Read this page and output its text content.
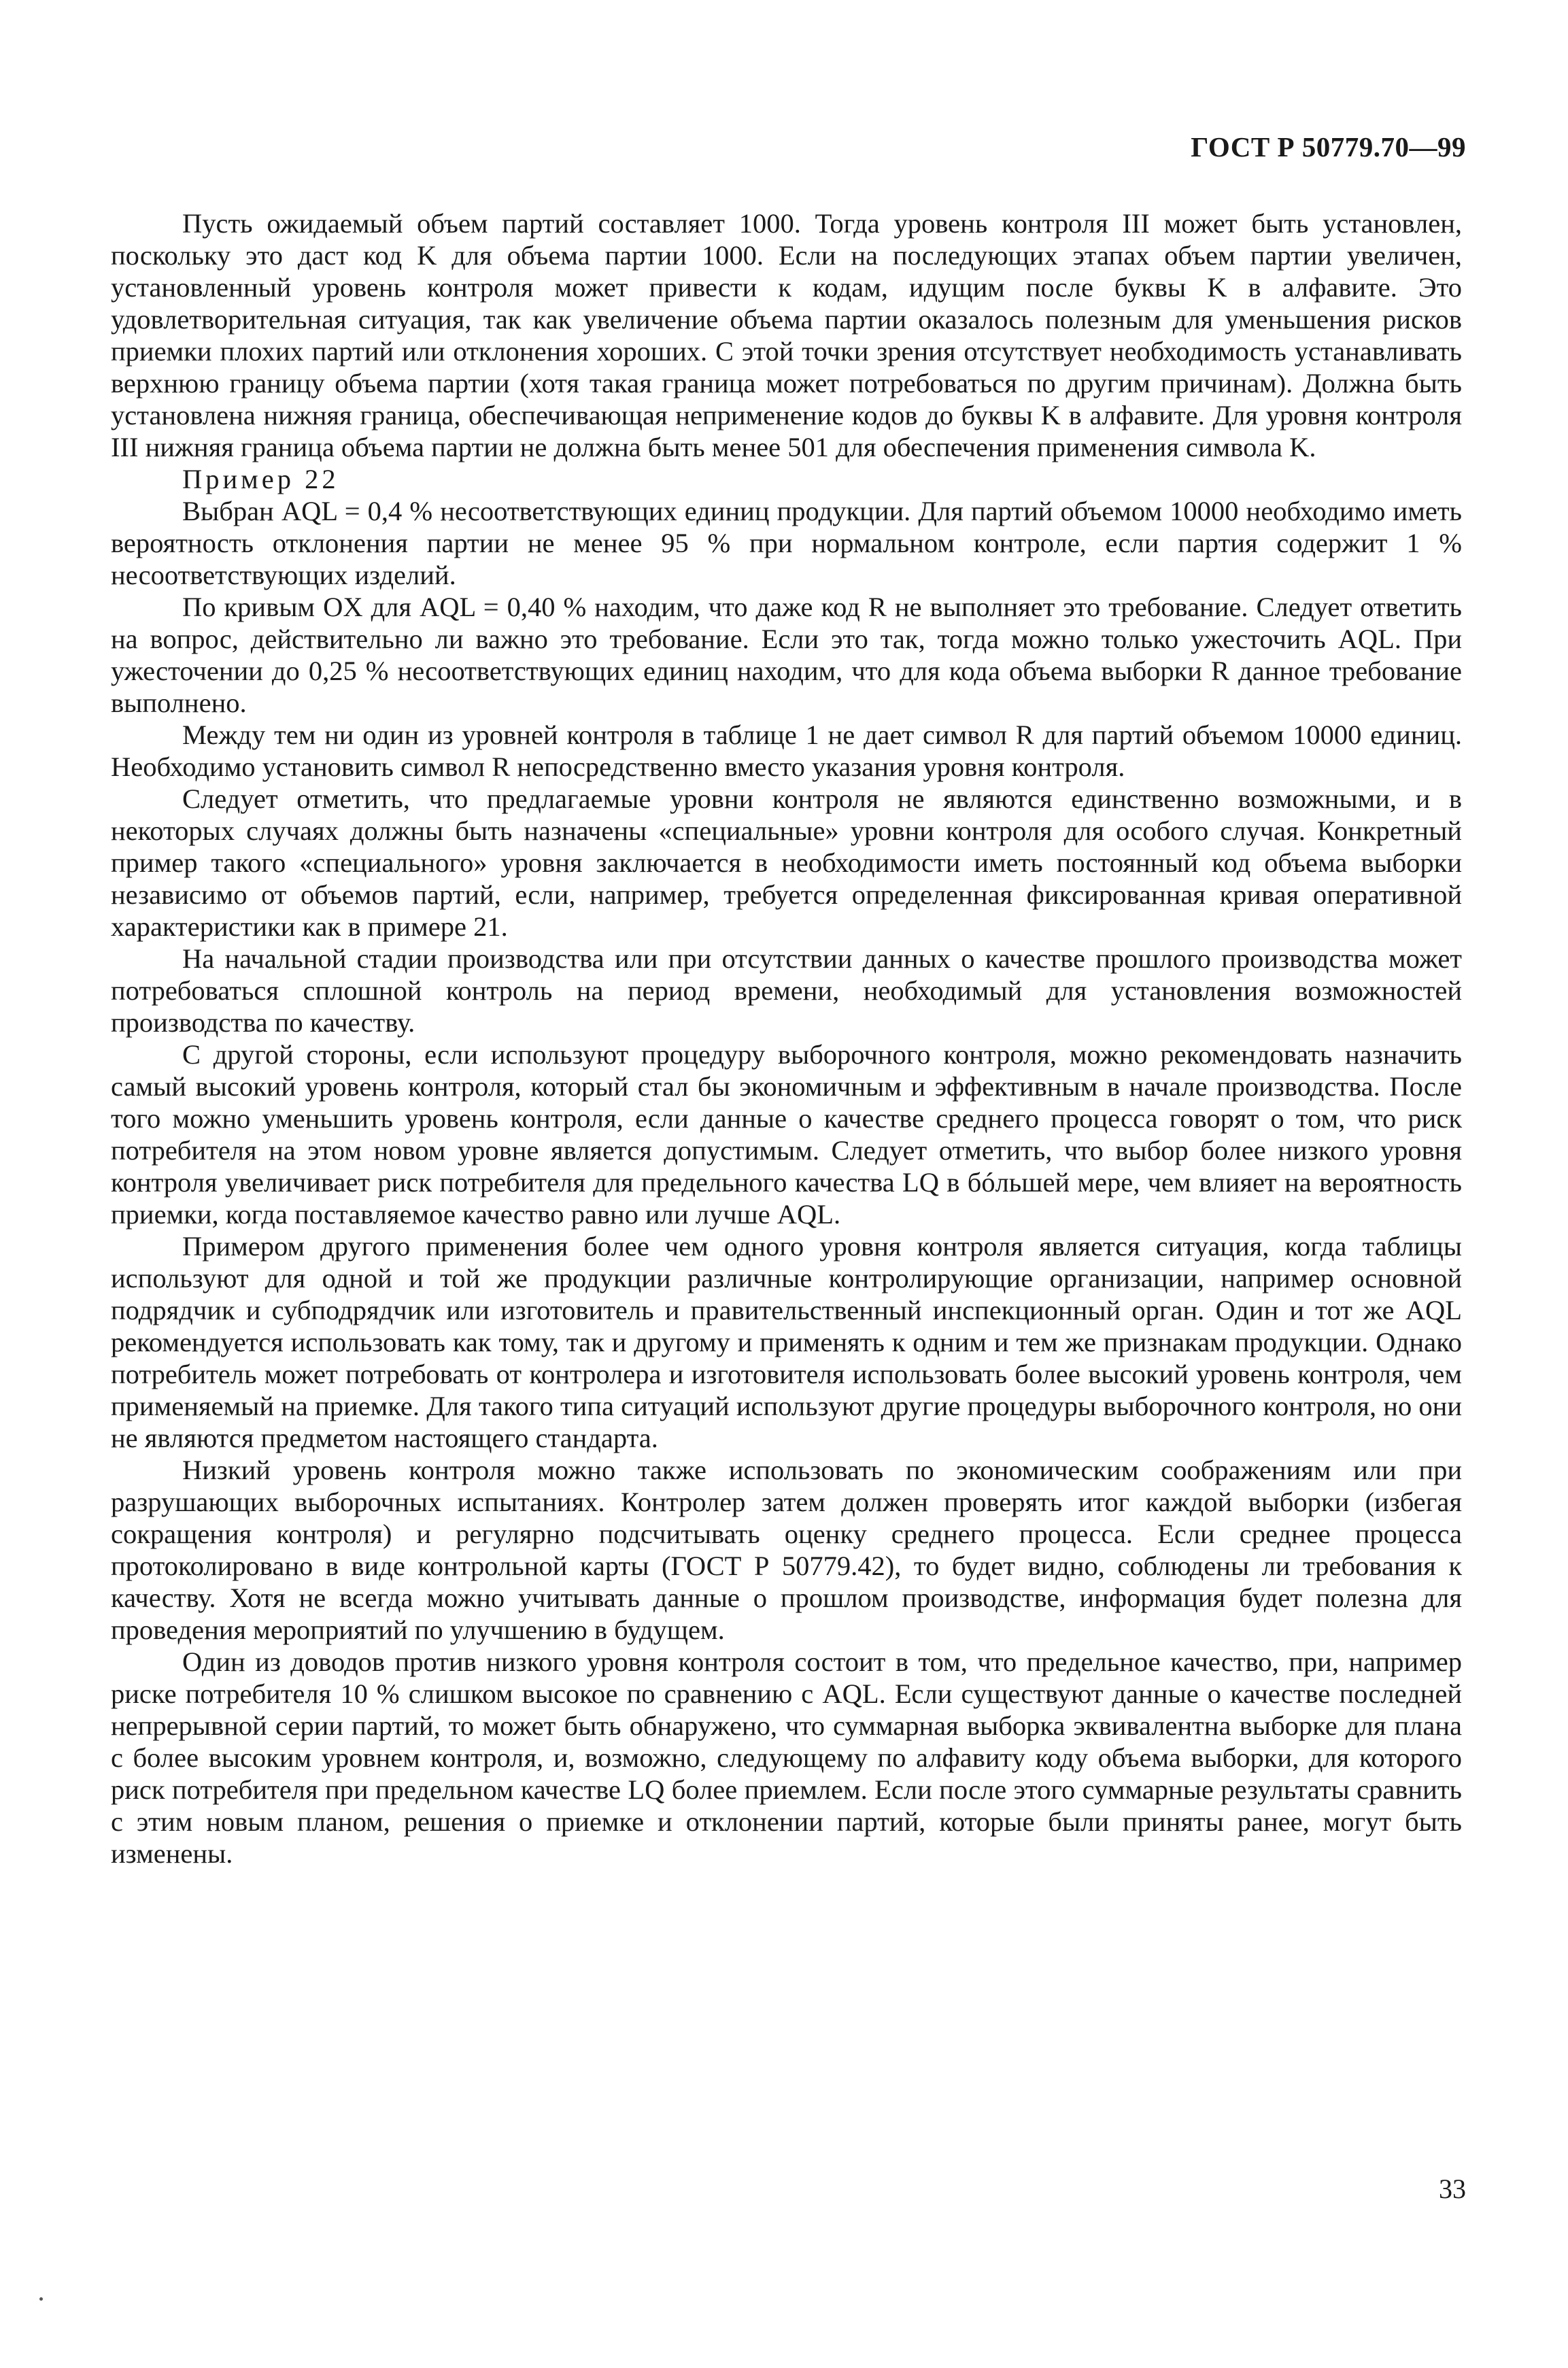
ГОСТ Р 50779.70—99

Пусть ожидаемый объем партий составляет 1000. Тогда уровень контроля III может быть установлен, поскольку это даст код K для объема партии 1000. Если на последующих этапах объем партии увеличен, установленный уровень контроля может привести к кодам, идущим после буквы K в алфавите. Это удовлетворительная ситуация, так как увеличение объема партии оказалось полезным для уменьшения рисков приемки плохих партий или отклонения хороших. С этой точки зрения отсутствует необходимость устанавливать верхнюю границу объема партии (хотя такая граница может потребоваться по другим причинам). Должна быть установлена нижняя граница, обеспечивающая неприменение кодов до буквы K в алфавите. Для уровня контроля III нижняя граница объема партии не должна быть менее 501 для обеспечения применения символа K.

Пример 22

Выбран AQL = 0,4 % несоответствующих единиц продукции. Для партий объемом 10000 необходимо иметь вероятность отклонения партии не менее 95 % при нормальном контроле, если партия содержит 1 % несоответствующих изделий.

По кривым OX для AQL = 0,40 % находим, что даже код R не выполняет это требование. Следует ответить на вопрос, действительно ли важно это требование. Если это так, тогда можно только ужесточить AQL. При ужесточении до 0,25 % несоответствующих единиц находим, что для кода объема выборки R данное требование выполнено.

Между тем ни один из уровней контроля в таблице 1 не дает символ R для партий объемом 10000 единиц. Необходимо установить символ R непосредственно вместо указания уровня контроля.

Следует отметить, что предлагаемые уровни контроля не являются единственно возможными, и в некоторых случаях должны быть назначены «специальные» уровни контроля для особого случая. Конкретный пример такого «специального» уровня заключается в необходимости иметь постоянный код объема выборки независимо от объемов партий, если, например, требуется определенная фиксированная кривая оперативной характеристики как в примере 21.

На начальной стадии производства или при отсутствии данных о качестве прошлого производства может потребоваться сплошной контроль на период времени, необходимый для установления возможностей производства по качеству.

С другой стороны, если используют процедуру выборочного контроля, можно рекомендовать назначить самый высокий уровень контроля, который стал бы экономичным и эффективным в начале производства. После того можно уменьшить уровень контроля, если данные о качестве среднего процесса говорят о том, что риск потребителя на этом новом уровне является допустимым. Следует отметить, что выбор более низкого уровня контроля увеличивает риск потребителя для предельного качества LQ в бóльшей мере, чем влияет на вероятность приемки, когда поставляемое качество равно или лучше AQL.

Примером другого применения более чем одного уровня контроля является ситуация, когда таблицы используют для одной и той же продукции различные контролирующие организации, например основной подрядчик и субподрядчик или изготовитель и правительственный инспекционный орган. Один и тот же AQL рекомендуется использовать как тому, так и другому и применять к одним и тем же признакам продукции. Однако потребитель может потребовать от контролера и изготовителя использовать более высокий уровень контроля, чем применяемый на приемке. Для такого типа ситуаций используют другие процедуры выборочного контроля, но они не являются предметом настоящего стандарта.

Низкий уровень контроля можно также использовать по экономическим соображениям или при разрушающих выборочных испытаниях. Контролер затем должен проверять итог каждой выборки (избегая сокращения контроля) и регулярно подсчитывать оценку среднего процесса. Если среднее процесса протоколировано в виде контрольной карты (ГОСТ Р 50779.42), то будет видно, соблюдены ли требования к качеству. Хотя не всегда можно учитывать данные о прошлом производстве, информация будет полезна для проведения мероприятий по улучшению в будущем.

Один из доводов против низкого уровня контроля состоит в том, что предельное качество, при, например риске потребителя 10 % слишком высокое по сравнению с AQL. Если существуют данные о качестве последней непрерывной серии партий, то может быть обнаружено, что суммарная выборка эквивалентна выборке для плана с более высоким уровнем контроля, и, возможно, следующему по алфавиту коду объема выборки, для которого риск потребителя при предельном качестве LQ более приемлем. Если после этого суммарные результаты сравнить с этим новым планом, решения о приемке и отклонении партий, которые были приняты ранее, могут быть изменены.

33
